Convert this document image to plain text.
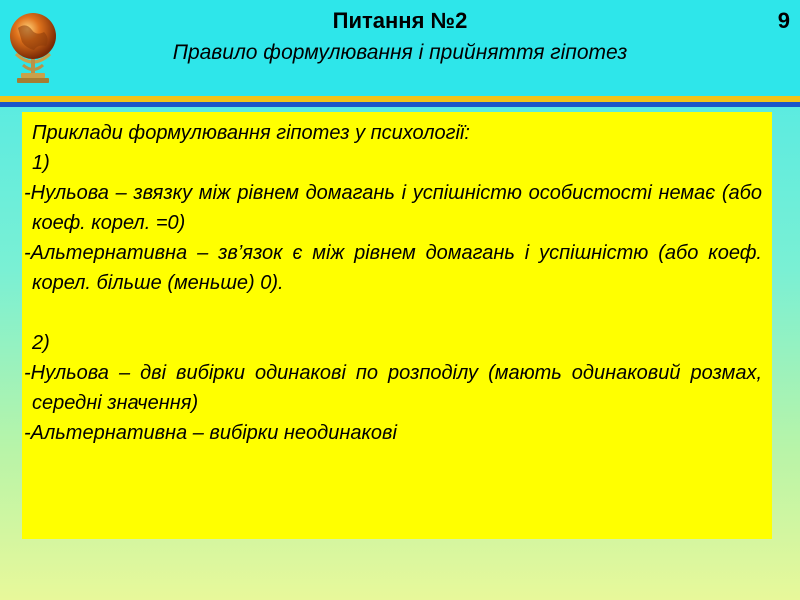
Питання №2
Правило формулювання і прийняття гіпотез
9
Приклади формулювання гіпотез у психології:
1)
-Нульова – звязку між рівнем домагань і успішністю особистості немає (або коеф. корел. =0)
-Альтернативна – зв’язок є між рівнем домагань і успішністю (або коеф. корел. більше (меньше) 0).
2)
-Нульова – дві вибірки одинакові по розподілу (мають одинаковий розмах, середні значення)
-Альтернативна – вибірки неодинакові
